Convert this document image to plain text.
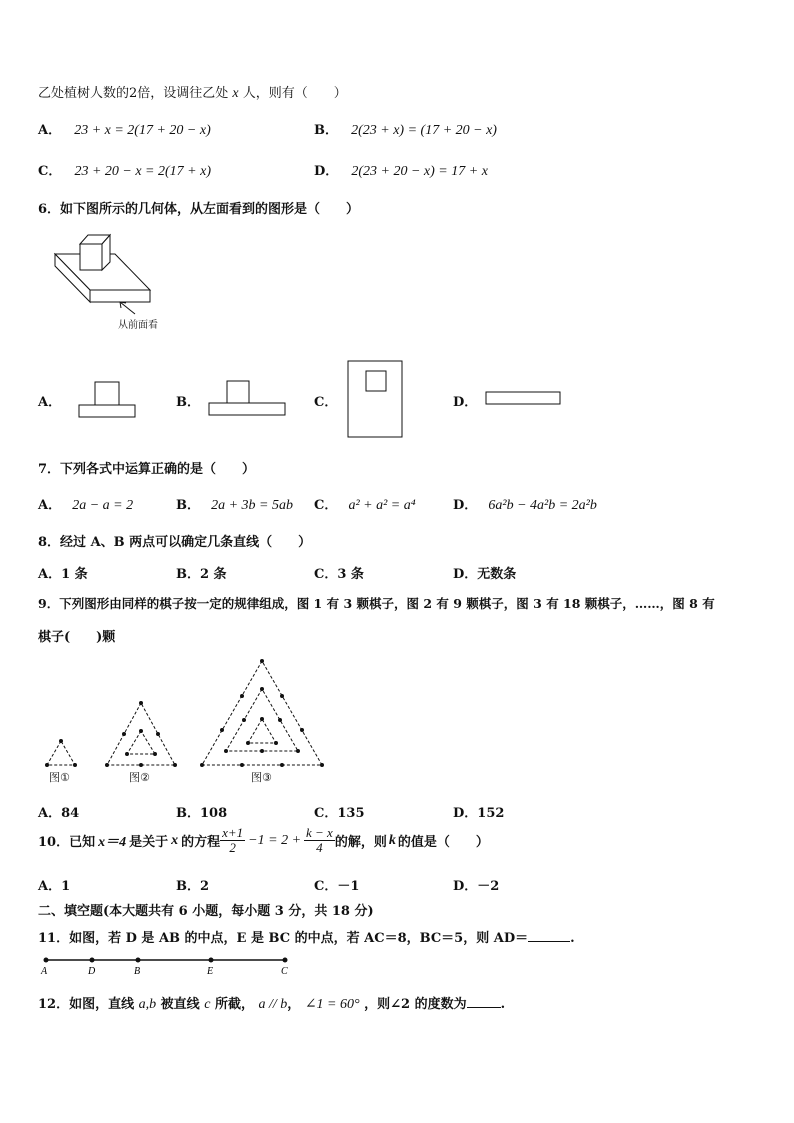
乙处植树人数的2倍，设调往乙处 x 人，则有（　　）
A． 23 + x = 2(17 + 20 − x)	B． 2(23 + x) = (17 + 20 − x)
C． 23 + 20 − x = 2(17 + x)	D． 2(23 + 20 − x) = 17 + x
6．如下图所示的几何体，从左面看到的图形是（　　）
从前面看
A．	B．	C．	D．
7．下列各式中运算正确的是（　　）
A． 2a − a = 2	B． 2a + 3b = 5ab C． a² + a² = a⁴	D． 6a²b − 4a²b = 2a²b
8．经过 A、B 两点可以确定几条直线（　　）
A．1 条	B．2 条	C．3 条	D．无数条
9．下列图形由同样的棋子按一定的规律组成，图 1 有 3 颗棋子，图 2 有 9 颗棋子，图 3 有 18 颗棋子，……，图 8 有
棋子(　　)颗
图①	图②	图③
A．84	B．108	C．135	D．152
10．已知 x＝4 是关于 x 的方程 $\frac{x+1}{2} -1 = 2 + \frac{k - x}{4}$ 的解，则 k 的值是（　　）
A．1	B．2	C．－1	D．－2
二、填空题(本大题共有 6 小题，每小题 3 分，共 18 分)
11．如图，若 D 是 AB 的中点，E 是 BC 的中点，若 AC＝8，BC＝5，则 AD＝	.
A	D	B	E	C
12．如图，直线 a,b 被直线 c 所截， a // b， ∠1 = 60° ，则∠2 的度数为	.
